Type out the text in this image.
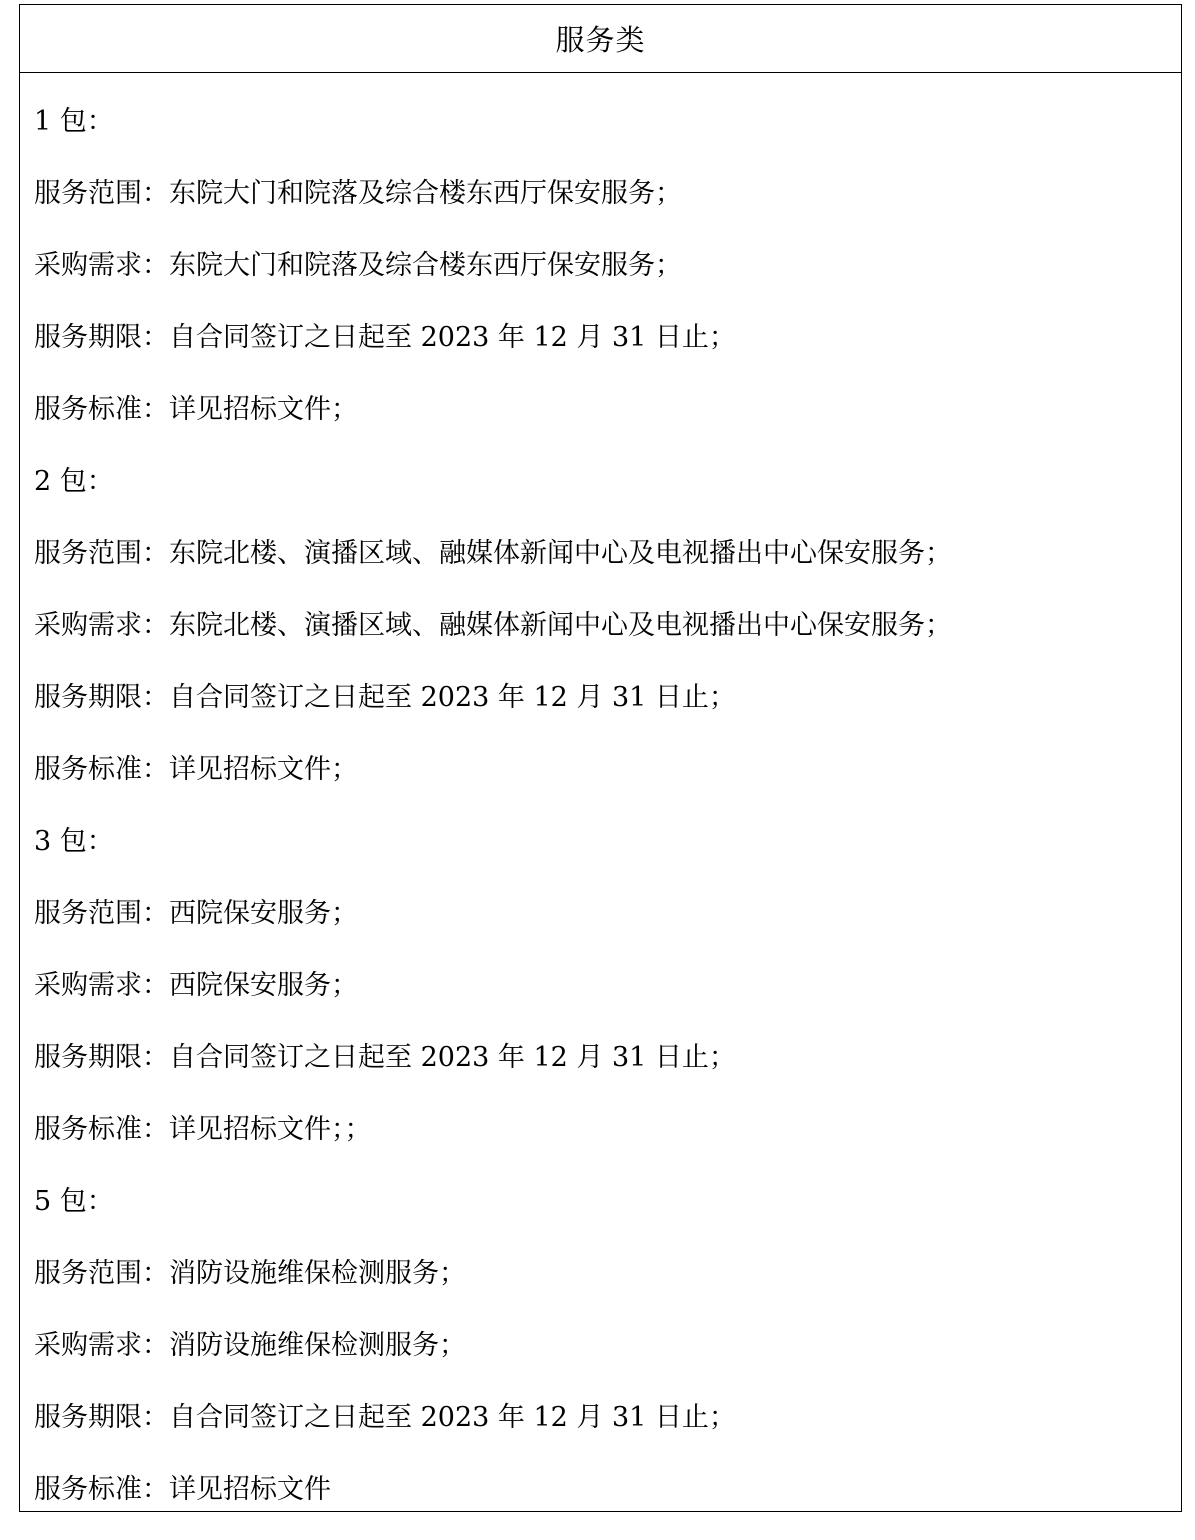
服务类
1 包：
服务范围：东院大门和院落及综合楼东西厅保安服务；
采购需求：东院大门和院落及综合楼东西厅保安服务；
服务期限：自合同签订之日起至 2023 年 12 月 31 日止；
服务标准：详见招标文件；
2 包：
服务范围：东院北楼、演播区域、融媒体新闻中心及电视播出中心保安服务；
采购需求：东院北楼、演播区域、融媒体新闻中心及电视播出中心保安服务；
服务期限：自合同签订之日起至 2023 年 12 月 31 日止；
服务标准：详见招标文件；
3 包：
服务范围：西院保安服务；
采购需求：西院保安服务；
服务期限：自合同签订之日起至 2023 年 12 月 31 日止；
服务标准：详见招标文件；；
5 包：
服务范围：消防设施维保检测服务；
采购需求：消防设施维保检测服务；
服务期限：自合同签订之日起至 2023 年 12 月 31 日止；
服务标准：详见招标文件
